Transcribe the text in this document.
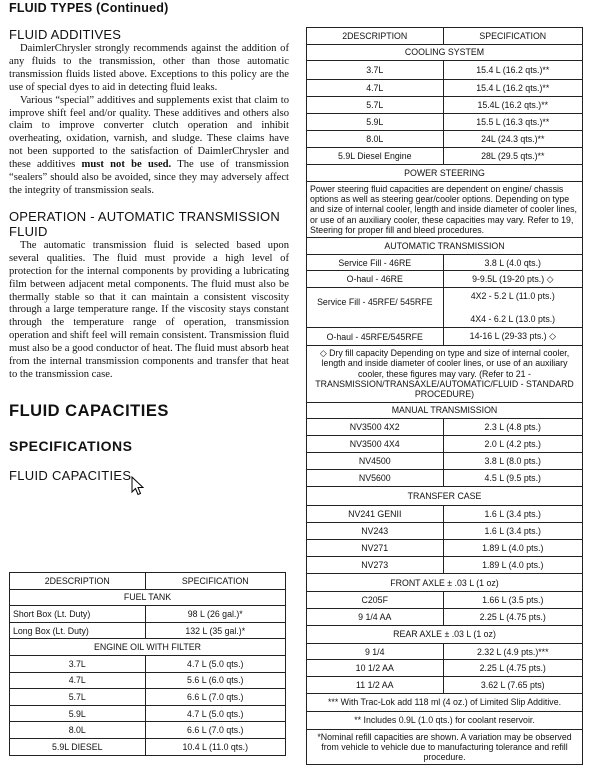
FLUID TYPES (Continued)
FLUID ADDITIVES

DaimlerChrysler strongly recommends against the addition of any fluids to the transmission, other than those automatic transmission fluids listed above. Exceptions to this policy are the use of special dyes to aid in detecting fluid leaks.

Various “special” additives and supplements exist that claim to improve shift feel and/or quality. These additives and others also claim to improve converter clutch operation and inhibit overheating, oxidation, varnish, and sludge. These claims have not been supported to the satisfaction of DaimlerChrysler and these additives must not be used. The use of transmission “sealers” should also be avoided, since they may adversely affect the integrity of transmission seals.

OPERATION - AUTOMATIC TRANSMISSION FLUID

The automatic transmission fluid is selected based upon several qualities. The fluid must provide a high level of protection for the internal components by providing a lubricating film between adjacent metal components. The fluid must also be thermally stable so that it can maintain a consistent viscosity through a large temperature range. If the viscosity stays constant through the temperature range of operation, transmission operation and shift feel will remain consistent. Transmission fluid must also be a good conductor of heat. The fluid must absorb heat from the internal transmission components and transfer that heat to the transmission case.

FLUID CAPACITIES
SPECIFICATIONS
FLUID CAPACITIES
2DESCRIPTION	SPECIFICATION
FUEL TANK	
Short Box (Lt. Duty)	98 L (26 gal.)*
Long Box (Lt. Duty)	132 L (35 gal.)*
ENGINE OIL WITH FILTER	
3.7L	4.7 L (5.0 qts.)
4.7L	5.6 L (6.0 qts.)
5.7L	6.6 L (7.0 qts.)
5.9L	4.7 L (5.0 qts.)
8.0L	6.6 L (7.0 qts.)
5.9L DIESEL	10.4 L (11.0 qts.)
2DESCRIPTION	SPECIFICATION
COOLING SYSTEM	
3.7L	15.4 L (16.2 qts.)**
4.7L	15.4 L (16.2 qts.)**
5.7L	15.4L (16.2 qts.)**
5.9L	15.5 L (16.3 qts.)**
8.0L	24L (24.3 qts.)**
5.9L Diesel Engine	28L (29.5 qts.)**
POWER STEERING	
Power steering fluid capacities are dependent on engine/ chassis options as well as steering gear/cooler options. Depending on type and size of internal cooler, length and inside diameter of cooler lines, or use of an auxiliary cooler, these capacities may vary. Refer to 19, Steering for proper fill and bleed procedures.	
AUTOMATIC TRANSMISSION	
Service Fill - 46RE	3.8 L (4.0 qts.)
O-haul - 46RE	9-9.5L (19-20 pts.) ◇
Service Fill - 45RFE/ 545RFE	4X2 - 5.2 L (11.0 pts.)
4X4 - 6.2 L (13.0 pts.)

O-haul - 45RFE/545RFE	14-16 L (29-33 pts.) ◇
◇ Dry fill capacity Depending on type and size of internal cooler, length and inside diameter of cooler lines, or use of an auxiliary cooler, these figures may vary. (Refer to 21 - TRANSMISSION/TRANSAXLE/AUTOMATIC/FLUID - STANDARD PROCEDURE)	
MANUAL TRANSMISSION	
NV3500 4X2	2.3 L (4.8 pts.)
NV3500 4X4	2.0 L (4.2 pts.)
NV4500	3.8 L (8.0 pts.)
NV5600	4.5 L (9.5 pts.)
TRANSFER CASE	
NV241 GENII	1.6 L (3.4 pts.)
NV243	1.6 L (3.4 pts.)
NV271	1.89 L (4.0 pts.)
NV273	1.89 L (4.0 pts.)
FRONT AXLE ± .03 L (1 oz)	
C205F	1.66 L (3.5 pts.)
9 1/4 AA	2.25 L (4.75 pts.)
REAR AXLE ± .03 L (1 oz)	
9 1/4	2.32 L (4.9 pts.)***
10 1/2 AA	2.25 L (4.75 pts.)
11 1/2 AA	3.62 L (7.65 pts)
*** With Trac-Lok add 118 ml (4 oz.) of Limited Slip Additive.	
** Includes 0.9L (1.0 qts.) for coolant reservoir.	
*Nominal refill capacities are shown. A variation may be observed from vehicle to vehicle due to manufacturing tolerance and refill procedure.	
